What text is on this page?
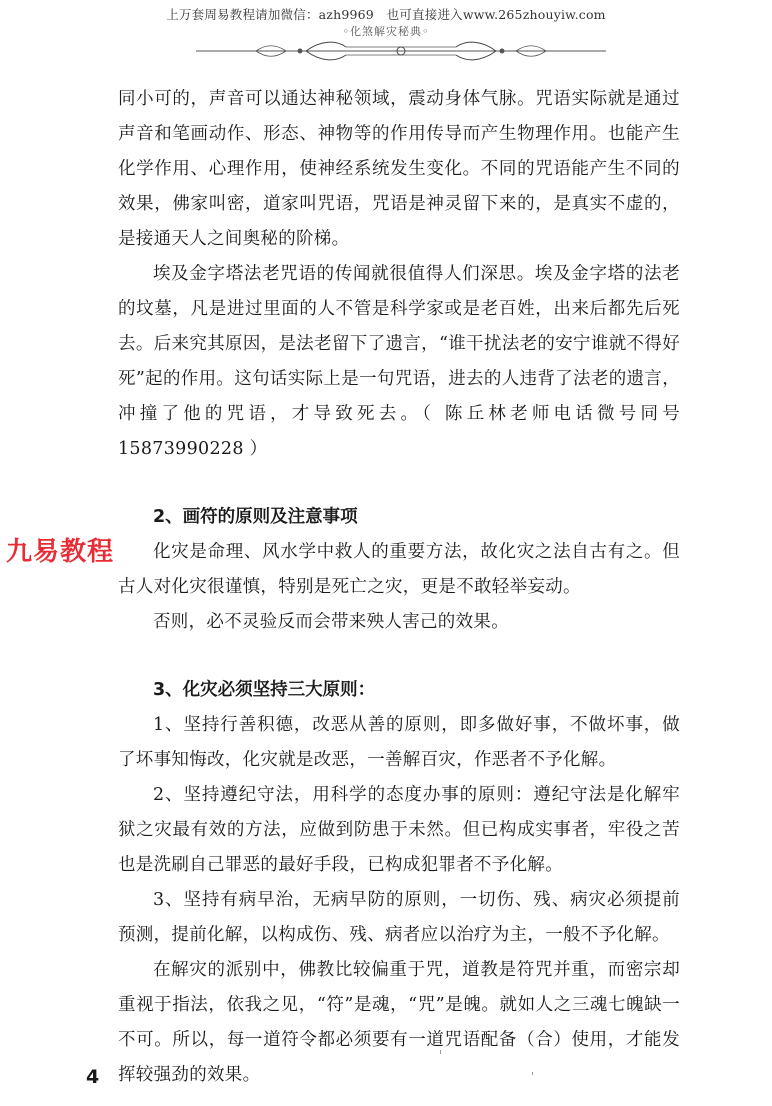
上万套周易教程请加微信：azh9969　也可直接进入www.265zhouyiw.com
◦化煞解灾秘典◦

同小可的，声音可以通达神秘领域，震动身体气脉。咒语实际就是通过声音和笔画动作、形态、神物等的作用传导而产生物理作用。也能产生化学作用、心理作用，使神经系统发生变化。不同的咒语能产生不同的效果，佛家叫密，道家叫咒语，咒语是神灵留下来的，是真实不虚的，是接通天人之间奥秘的阶梯。

埃及金字塔法老咒语的传闻就很值得人们深思。埃及金字塔的法老的坟墓，凡是进过里面的人不管是科学家或是老百姓，出来后都先后死去。后来究其原因，是法老留下了遗言，“谁干扰法老的安宁谁就不得好死”起的作用。这句话实际上是一句咒语，进去的人违背了法老的遗言，冲撞了他的咒语，才导致死去。（ 陈丘林老师电话微号同号 15873990228 ）

2、画符的原则及注意事项

化灾是命理、风水学中救人的重要方法，故化灾之法自古有之。但古人对化灾很谨慎，特别是死亡之灾，更是不敢轻举妄动。

否则，必不灵验反而会带来殃人害己的效果。

3、化灾必须坚持三大原则：

1、坚持行善积德，改恶从善的原则，即多做好事，不做坏事，做了坏事知悔改，化灾就是改恶，一善解百灾，作恶者不予化解。

2、坚持遵纪守法，用科学的态度办事的原则：遵纪守法是化解牢狱之灾最有效的方法，应做到防患于未然。但已构成实事者，牢役之苦也是洗刷自己罪恶的最好手段，已构成犯罪者不予化解。

3、坚持有病早治，无病早防的原则，一切伤、残、病灾必须提前预测，提前化解，以构成伤、残、病者应以治疗为主，一般不予化解。

在解灾的派别中，佛教比较偏重于咒，道教是符咒并重，而密宗却重视于指法，依我之见，“符”是魂，“咒”是魄。就如人之三魂七魄缺一不可。所以，每一道符令都必须要有一道咒语配备（合）使用，才能发挥较强劲的效果。

九易教程
4
